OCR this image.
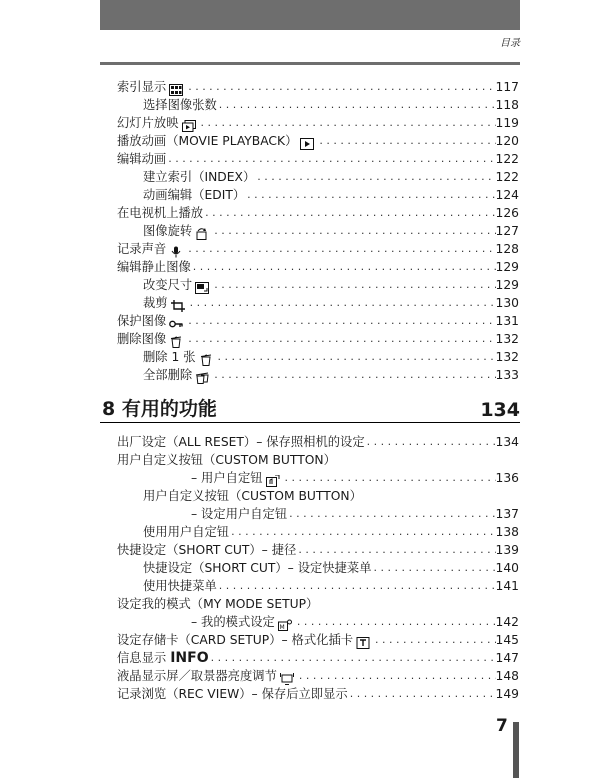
目录
索引显示 . . .	117
选择图像张数 . . .	118
幻灯片放映 . . .	119
播放动画（MOVIE PLAYBACK） . . .	120
编辑动画 . . .	122
建立索引（INDEX） . . .	122
动画编辑（EDIT） . . .	124
在电视机上播放 . . .	126
图像旋转 . . .	127
记录声音 . . .	128
编辑静止图像 . . .	129
改变尺寸 . . .	129
裁剪 . . .	130
保护图像 . . .	131
删除图像 . . .	132
删除 1 张 . . .	132
全部删除 . . .	133
8 有用的功能	134
出厂设定（ALL RESET）– 保存照相机的设定 . . .	134
用户自定义按钮（CUSTOM BUTTON）
– 用户自定钮 . . .	136
用户自定义按钮（CUSTOM BUTTON）
– 设定用户自定钮 . . .	137
使用用户自定钮 . . .	138
快捷设定（SHORT CUT）– 捷径 . . .	139
快捷设定（SHORT CUT）– 设定快捷菜单 . . .	140
使用快捷菜单 . . .	141
设定我的模式（MY MODE SETUP）
– 我的模式设定 M . . .	142
设定存储卡（CARD SETUP）– 格式化插卡 . . .	145
信息显示 INFO . . .	147
液晶显示屏／取景器亮度调节 . . .	148
记录浏览（REC VIEW）– 保存后立即显示 . . .	149
7
